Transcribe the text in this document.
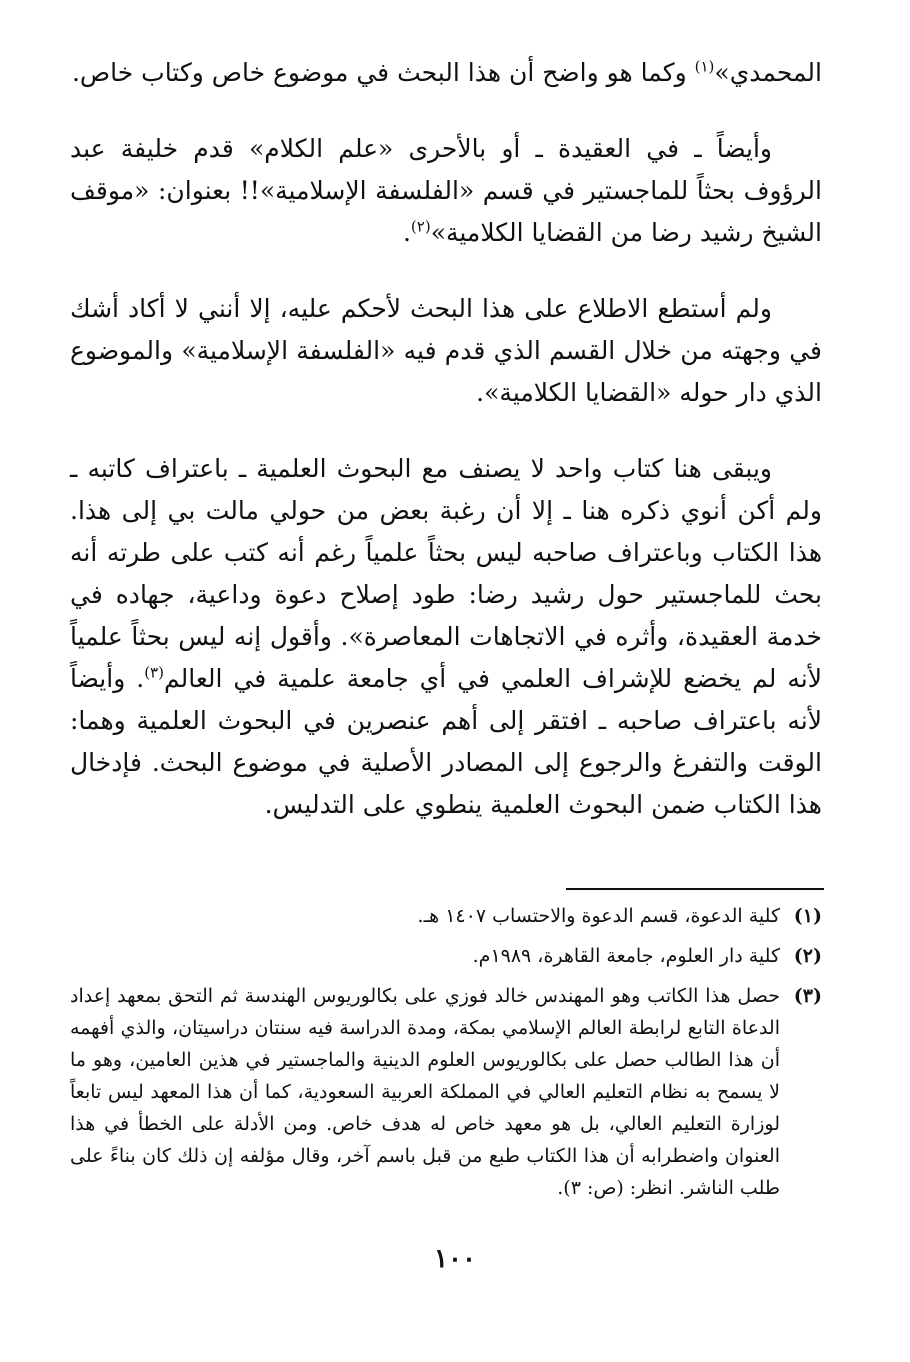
المحمدي»$^{(١)}$ وكما هو واضح أن هذا البحث في موضوع خاص وكتاب خاص.

وأيضاً ـ في العقيدة ـ أو بالأحرى «علم الكلام» قدم خليفة عبد الرؤوف بحثاً للماجستير في قسم «الفلسفة الإسلامية»!! بعنوان: «موقف الشيخ رشيد رضا من القضايا الكلامية»$^{(٢)}$.

ولم أستطع الاطلاع على هذا البحث لأحكم عليه، إلا أنني لا أكاد أشك في وجهته من خلال القسم الذي قدم فيه «الفلسفة الإسلامية» والموضوع الذي دار حوله «القضايا الكلامية».

ويبقى هنا كتاب واحد لا يصنف مع البحوث العلمية ـ باعتراف كاتبه ـ ولم أكن أنوي ذكره هنا ـ إلا أن رغبة بعض من حولي مالت بي إلى هذا. هذا الكتاب وباعتراف صاحبه ليس بحثاً علمياً رغم أنه كتب على طرته أنه بحث للماجستير حول رشيد رضا: طود إصلاح دعوة وداعية، جهاده في خدمة العقيدة، وأثره في الاتجاهات المعاصرة». وأقول إنه ليس بحثاً علمياً لأنه لم يخضع للإشراف العلمي في أي جامعة علمية في العالم$^{(٣)}$. وأيضاً لأنه باعتراف صاحبه ـ افتقر إلى أهم عنصرين في البحوث العلمية وهما: الوقت والتفرغ والرجوع إلى المصادر الأصلية في موضوع البحث. فإدخال هذا الكتاب ضمن البحوث العلمية ينطوي على التدليس.

(١)
كلية الدعوة، قسم الدعوة والاحتساب ١٤٠٧ هـ.
(٢)
كلية دار العلوم، جامعة القاهرة، ١٩٨٩م.
(٣)
حصل هذا الكاتب وهو المهندس خالد فوزي على بكالوريوس الهندسة ثم التحق بمعهد إعداد الدعاة التابع لرابطة العالم الإسلامي بمكة، ومدة الدراسة فيه سنتان دراسيتان، والذي أفهمه أن هذا الطالب حصل على بكالوريوس العلوم الدينية والماجستير في هذين العامين، وهو ما لا يسمح به نظام التعليم العالي في المملكة العربية السعودية، كما أن هذا المعهد ليس تابعاً لوزارة التعليم العالي، بل هو معهد خاص له هدف خاص. ومن الأدلة على الخطأ في هذا العنوان واضطرابه أن هذا الكتاب طبع من قبل باسم آخر، وقال مؤلفه إن ذلك كان بناءً على طلب الناشر. انظر: (ص: ٣).
١٠٠
